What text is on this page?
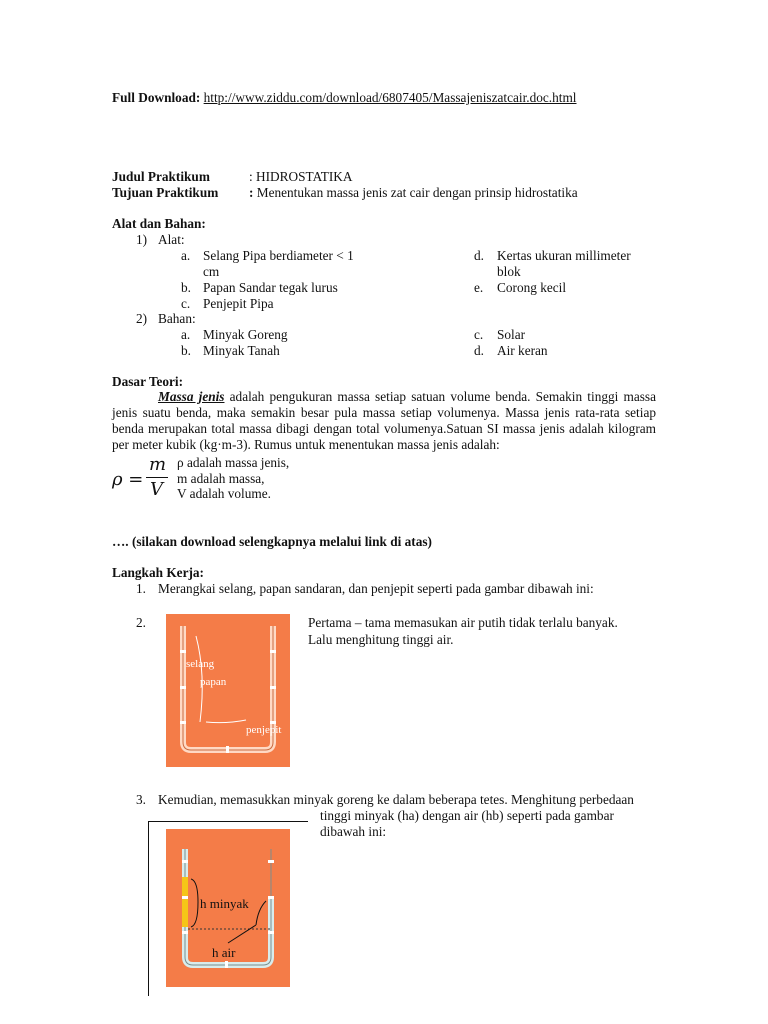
Full Download: http://www.ziddu.com/download/6807405/Massajeniszatcair.doc.html
Judul Praktikum	: HIDROSTATIKA
Tujuan Praktikum : Menentukan massa jenis zat cair dengan prinsip hidrostatika
Alat dan Bahan:
1) Alat:
a. Selang Pipa berdiameter < 1
cm
b. Papan Sandar tegak lurus
c. Penjepit Pipa
d. Kertas ukuran millimeter
blok
e. Corong kecil
2) Bahan:
a. Minyak Goreng
b. Minyak Tanah
c. Solar
d. Air keran
Dasar Teori:
Massa jenis adalah pengukuran massa setiap satuan volume benda. Semakin tinggi massa jenis suatu benda, maka semakin besar pula massa setiap volumenya. Massa jenis rata-rata setiap benda merupakan total massa dibagi dengan total volumenya.Satuan SI massa jenis adalah kilogram per meter kubik (kg·m-3). Rumus untuk menentukan massa jenis adalah:
ρ =
m
V
ρ adalah massa jenis,
m adalah massa,
V adalah volume.
…. (silakan download selengkapnya melalui link di atas)
Langkah Kerja:
1. Merangkai selang, papan sandaran, dan penjepit seperti pada gambar dibawah ini:
2.	Pertama – tama memasukan air putih tidak terlalu banyak.
Lalu menghitung tinggi air.
selang
papan
penjepit
3. Kemudian, memasukkan minyak goreng ke dalam beberapa tetes. Menghitung perbedaan
tinggi minyak (ha) dengan air (hb) seperti pada gambar
dibawah ini:
h minyak
h air
